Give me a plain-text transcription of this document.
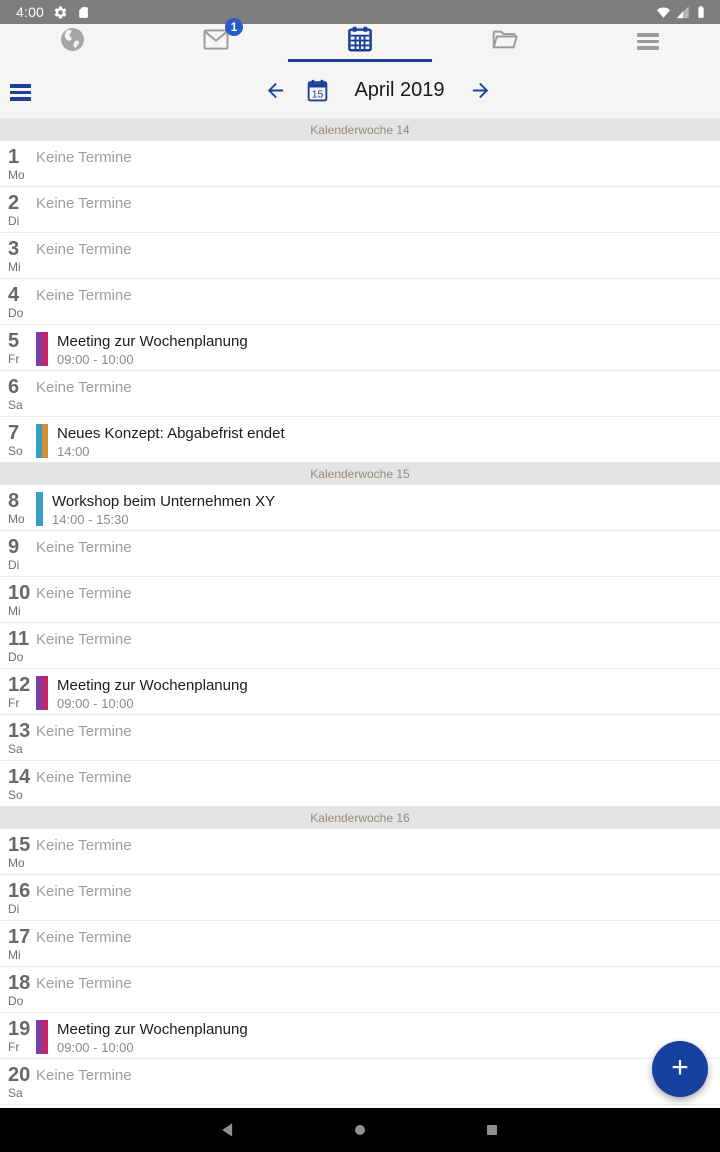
4:00
1
15	April 2019
Kalenderwoche 14
1
Mo
Keine Termine
2
Di
Keine Termine
3
Mi
Keine Termine
4
Do
Keine Termine
5
Fr
Meeting zur Wochenplanung
09:00 - 10:00
6
Sa
Keine Termine
7
So
Neues Konzept: Abgabefrist endet
14:00
Kalenderwoche 15
8
Mo
Workshop beim Unternehmen XY
14:00 - 15:30
9
Di
Keine Termine
10
Mi
Keine Termine
11
Do
Keine Termine
12
Fr
Meeting zur Wochenplanung
09:00 - 10:00
13
Sa
Keine Termine
14
So
Keine Termine
Kalenderwoche 16
15
Mo
Keine Termine
16
Di
Keine Termine
17
Mi
Keine Termine
18
Do
Keine Termine
19
Fr
Meeting zur Wochenplanung
09:00 - 10:00
20
Sa
Keine Termine	+
